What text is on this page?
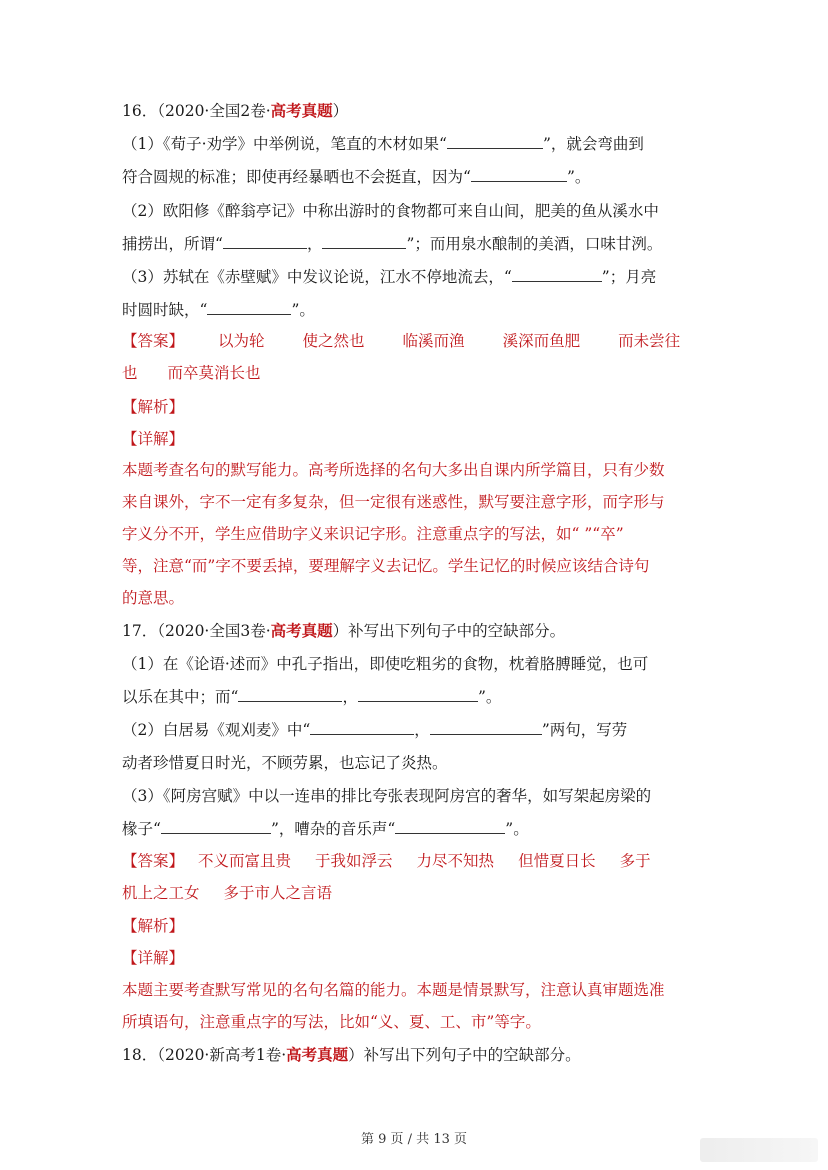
16．（2020·全国2卷·高考真题）
（1）《荀子·劝学》中举例说，笔直的木材如果“	”，就会弯曲到
符合圆规的标准；即使再经暴晒也不会挺直，因为“	”。
（2）欧阳修《醉翁亭记》中称出游时的食物都可来自山间，肥美的鱼从溪水中
捕捞出，所谓“	，	”；而用泉水酿制的美酒，口味甘洌。
（3）苏轼在《赤壁赋》中发议论说，江水不停地流去，“	”；月亮
时圆时缺，“	”。
【答案】 以为轮 使之然也 临溪而渔 溪深而鱼肥 而未尝往
也 而卒莫消长也
【解析】
【详解】
本题考查名句的默写能力。高考所选择的名句大多出自课内所学篇目，只有少数
来自课外，字不一定有多复杂，但一定很有迷惑性，默写要注意字形，而字形与
字义分不开，学生应借助字义来识记字形。注意重点字的写法，如“ ”“卒”
等，注意“而”字不要丢掉，要理解字义去记忆。学生记忆的时候应该结合诗句
的意思。
17．（2020·全国3卷·高考真题）补写出下列句子中的空缺部分。
（1）在《论语·述而》中孔子指出，即使吃粗劣的食物，枕着胳膊睡觉，也可
以乐在其中；而“	，	”。
（2）白居易《观刈麦》中“	，	”两句，写劳
动者珍惜夏日时光，不顾劳累，也忘记了炎热。
（3）《阿房宫赋》中以一连串的排比夸张表现阿房宫的奢华，如写架起房梁的
椽子“	”，嘈杂的音乐声“	”。
【答案】 不义而富且贵 于我如浮云 力尽不知热 但惜夏日长 多于
机上之工女 多于市人之言语
【解析】
【详解】
本题主要考查默写常见的名句名篇的能力。本题是情景默写，注意认真审题选准
所填语句，注意重点字的写法，比如“义、夏、工、市”等字。
18．（2020·新高考1卷·高考真题）补写出下列句子中的空缺部分。
第 9 页 / 共 13 页
